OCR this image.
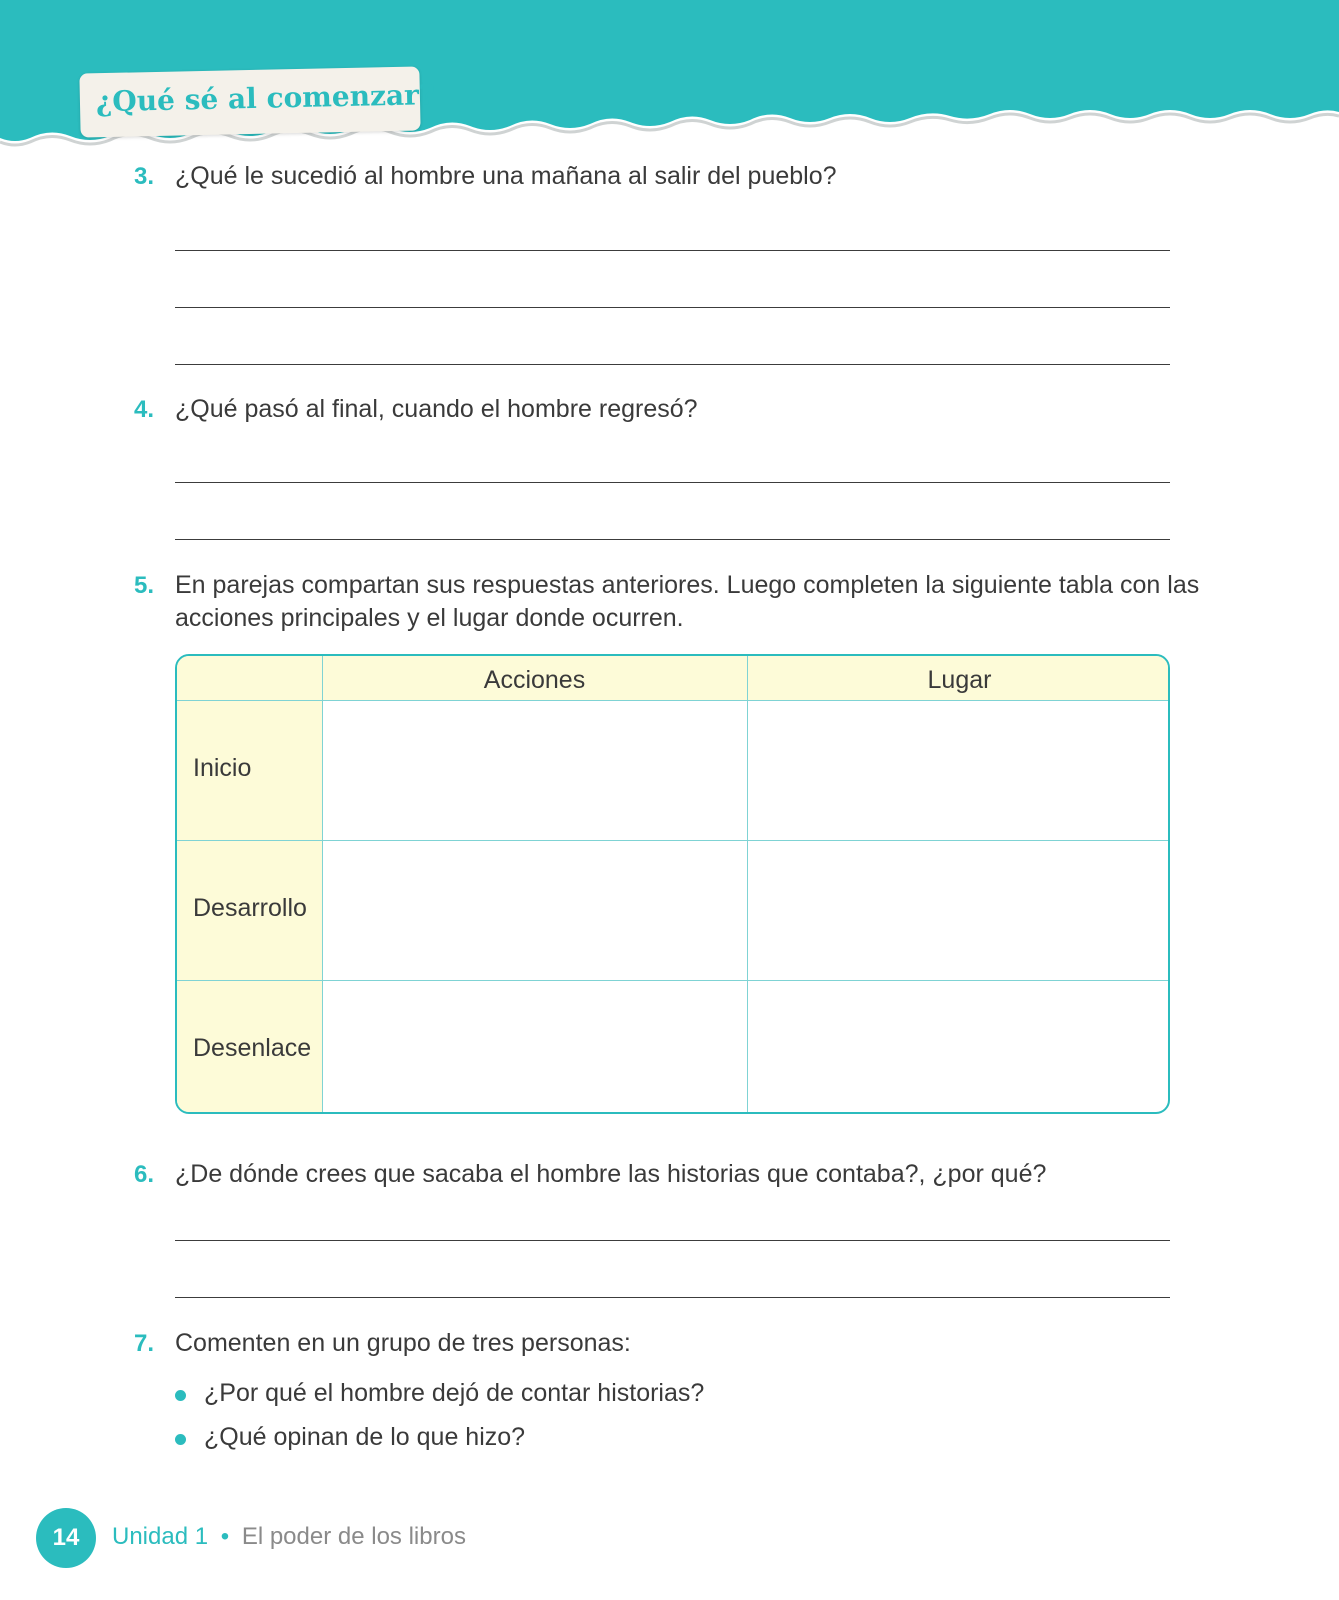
¿Qué sé al comenzar?
3. ¿Qué le sucedió al hombre una mañana al salir del pueblo?
4. ¿Qué pasó al final, cuando el hombre regresó?
5. En parejas compartan sus respuestas anteriores. Luego completen la siguiente tabla con las
acciones principales y el lugar donde ocurren.
Acciones	Lugar
Inicio
Desarrollo
Desenlace
6. ¿De dónde crees que sacaba el hombre las historias que contaba?, ¿por qué?
7. Comenten en un grupo de tres personas:
¿Por qué el hombre dejó de contar historias?
¿Qué opinan de lo que hizo?
14 Unidad 1 • El poder de los libros
